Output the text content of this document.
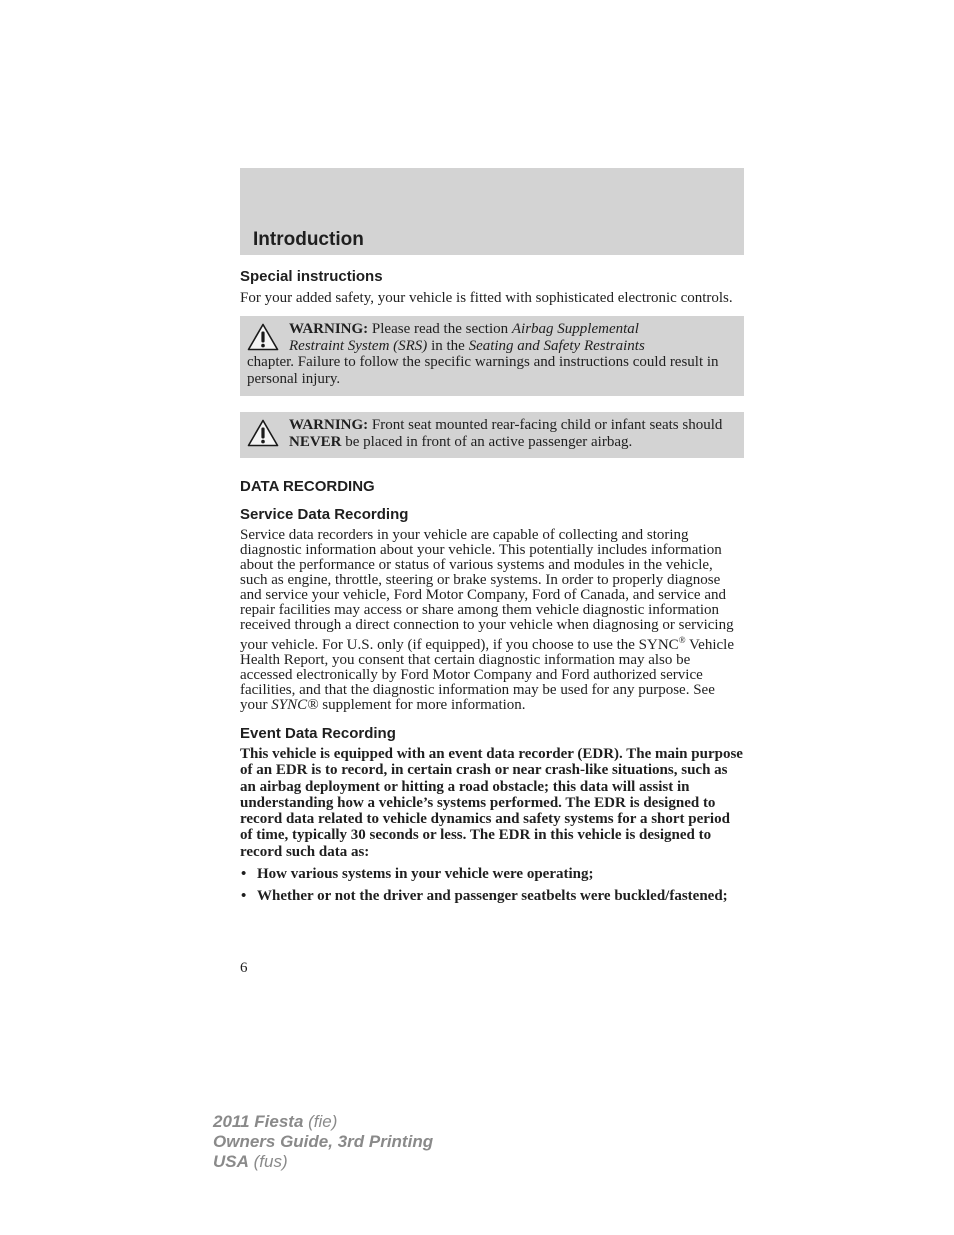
Introduction
Special instructions

For your added safety, your vehicle is fitted with sophisticated electronic controls.

WARNING: Please read the section Airbag Supplemental
Restraint System (SRS) in the Seating and Safety Restraints
chapter. Failure to follow the specific warnings and instructions could result in personal injury.
WARNING: Front seat mounted rear-facing child or infant seats should NEVER be placed in front of an active passenger airbag.
DATA RECORDING
Service Data Recording

Service data recorders in your vehicle are capable of collecting and storing diagnostic information about your vehicle. This potentially includes information about the performance or status of various systems and modules in the vehicle, such as engine, throttle, steering or brake systems. In order to properly diagnose and service your vehicle, Ford Motor Company, Ford of Canada, and service and repair facilities may access or share among them vehicle diagnostic information received through a direct connection to your vehicle when diagnosing or servicing your vehicle. For U.S. only (if equipped), if you choose to use the SYNC® Vehicle Health Report, you consent that certain diagnostic information may also be accessed electronically by Ford Motor Company and Ford authorized service facilities, and that the diagnostic information may be used for any purpose. See your SYNC® supplement for more information.

Event Data Recording

This vehicle is equipped with an event data recorder (EDR). The main purpose of an EDR is to record, in certain crash or near crash-like situations, such as an airbag deployment or hitting a road obstacle; this data will assist in understanding how a vehicle’s systems performed. The EDR is designed to record data related to vehicle dynamics and safety systems for a short period of time, typically 30 seconds or less. The EDR in this vehicle is designed to record such data as:

• How various systems in your vehicle were operating;
• Whether or not the driver and passenger seatbelts were buckled/fastened;
6
2011 Fiesta (fie)
Owners Guide, 3rd Printing
USA (fus)
